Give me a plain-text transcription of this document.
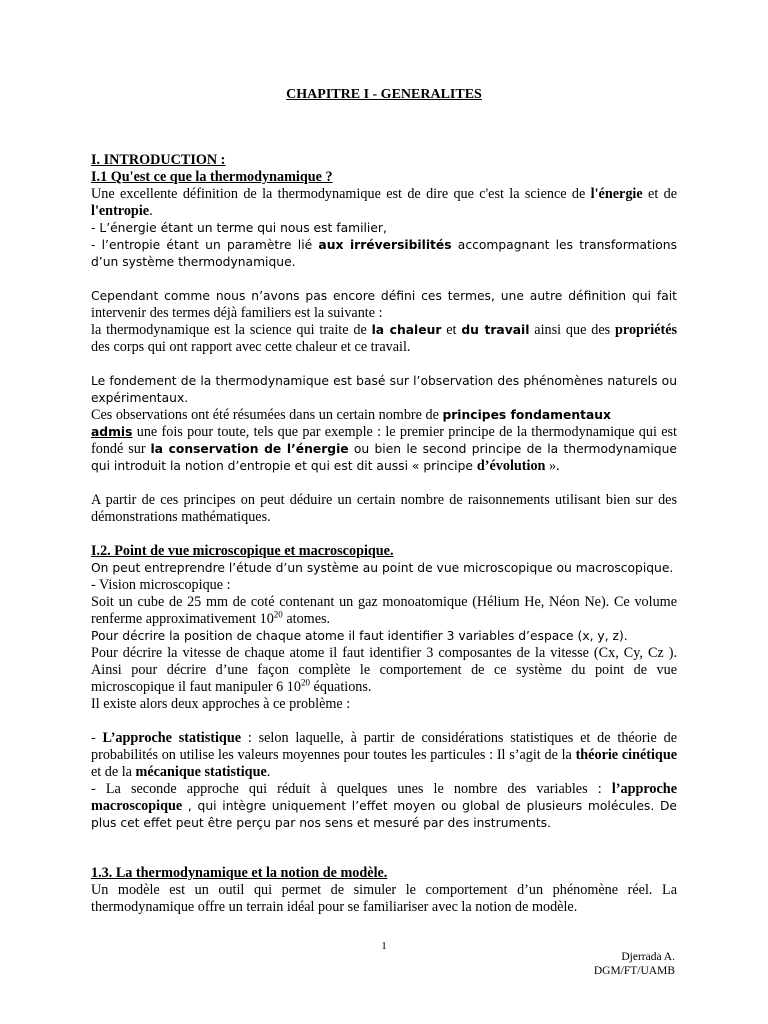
CHAPITRE I - GENERALITES

I. INTRODUCTION :

I.1 Qu'est ce que la thermodynamique ?

Une excellente définition de la thermodynamique est de dire que c'est la science de l'énergie et de l'entropie.

- L’énergie étant un terme qui nous est familier,

- l’entropie étant un paramètre lié aux irréversibilités accompagnant les transformations d’un système thermodynamique.

Cependant comme nous n’avons pas encore défini ces termes, une autre définition qui fait intervenir des termes déjà familiers est la suivante :

la thermodynamique est la science qui traite de la chaleur et du travail ainsi que des propriétés des corps qui ont rapport avec cette chaleur et ce travail.

Le fondement de la thermodynamique est basé sur l’observation des phénomènes naturels ou expérimentaux.

Ces observations ont été résumées dans un certain nombre de principes fondamentaux
admis une fois pour toute, tels que par exemple : le premier principe de la thermodynamique qui est fondé sur la conservation de l’énergie ou bien le second principe de la thermodynamique qui introduit la notion d’entropie et qui est dit aussi « principe d’évolution ».

A partir de ces principes on peut déduire un certain nombre de raisonnements utilisant bien sur des démonstrations mathématiques.

I.2. Point de vue microscopique et macroscopique.

On peut entreprendre l’étude d’un système au point de vue microscopique ou macroscopique.

- Vision microscopique :

Soit un cube de 25 mm de coté contenant un gaz monoatomique (Hélium He, Néon Ne). Ce volume renferme approximativement $10^{20}$ atomes.

Pour décrire la position de chaque atome il faut identifier 3 variables d’espace (x, y, z).

Pour décrire la vitesse de chaque atome il faut identifier 3 composantes de la vitesse (Cx, Cy, Cz ). Ainsi pour décrire d’une façon complète le comportement de ce système du point de vue microscopique il faut manipuler 6 $10^{20}$ équations.

Il existe alors deux approches à ce problème :

- L’approche statistique : selon laquelle, à partir de considérations statistiques et de théorie de probabilités on utilise les valeurs moyennes pour toutes les particules : Il s’agit de la théorie cinétique et de la mécanique statistique.

- La seconde approche qui réduit à quelques unes le nombre des variables : l’approche macroscopique , qui intègre uniquement l’effet moyen ou global de plusieurs molécules. De plus cet effet peut être perçu par nos sens et mesuré par des instruments.

1.3. La thermodynamique et la notion de modèle.

Un modèle est un outil qui permet de simuler le comportement d’un phénomène réel. La thermodynamique offre un terrain idéal pour se familiariser avec la notion de modèle.

1
Djerrada A.
DGM/FT/UAMB
